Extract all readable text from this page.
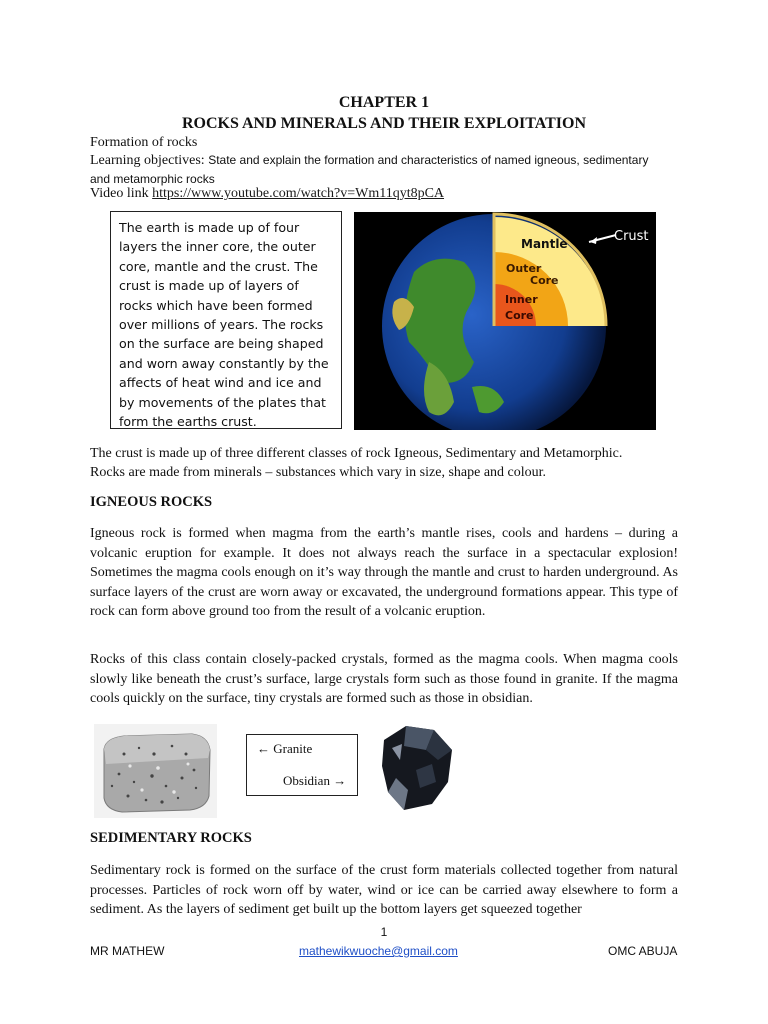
CHAPTER 1
ROCKS AND MINERALS AND THEIR EXPLOITATION
Formation of rocks
Learning objectives: State and explain the formation and characteristics of named igneous, sedimentary
and metamorphic rocks
Video link https://www.youtube.com/watch?v=Wm11qyt8pCA
The earth is made up of four
layers the inner core, the outer
core, mantle and the crust. The
crust is made up of layers of
rocks which have been formed
over millions of years. The rocks
on the surface are being shaped
and worn away constantly by the
affects of heat wind and ice and
by movements of the plates that
form the earths crust.
Crust
Mantle
Outer
Core
Inner
Core
The crust is made up of three different classes of rock Igneous, Sedimentary and Metamorphic.
Rocks are made from minerals – substances which vary in size, shape and colour.
IGNEOUS ROCKS
Igneous rock is formed when magma from the earth’s mantle rises, cools and hardens – during a volcanic eruption for example. It does not always reach the surface in a spectacular explosion! Sometimes the magma cools enough on it’s way through the mantle and crust to harden underground. As surface layers of the crust are worn away or excavated, the underground formations appear. This type of rock can form above ground too from the result of a volcanic eruption.
Rocks of this class contain closely-packed crystals, formed as the magma cools. When magma cools slowly like beneath the crust’s surface, large crystals form such as those found in granite. If the magma cools quickly on the surface, tiny crystals are formed such as those in obsidian.
← Granite
Obsidian →
SEDIMENTARY ROCKS
Sedimentary rock is formed on the surface of the crust form materials collected together from natural processes. Particles of rock worn off by water, wind or ice can be carried away elsewhere to form a sediment. As the layers of sediment get built up the bottom layers get squeezed together
1
MR MATHEW	mathewikwuoche@gmail.com	OMC ABUJA
